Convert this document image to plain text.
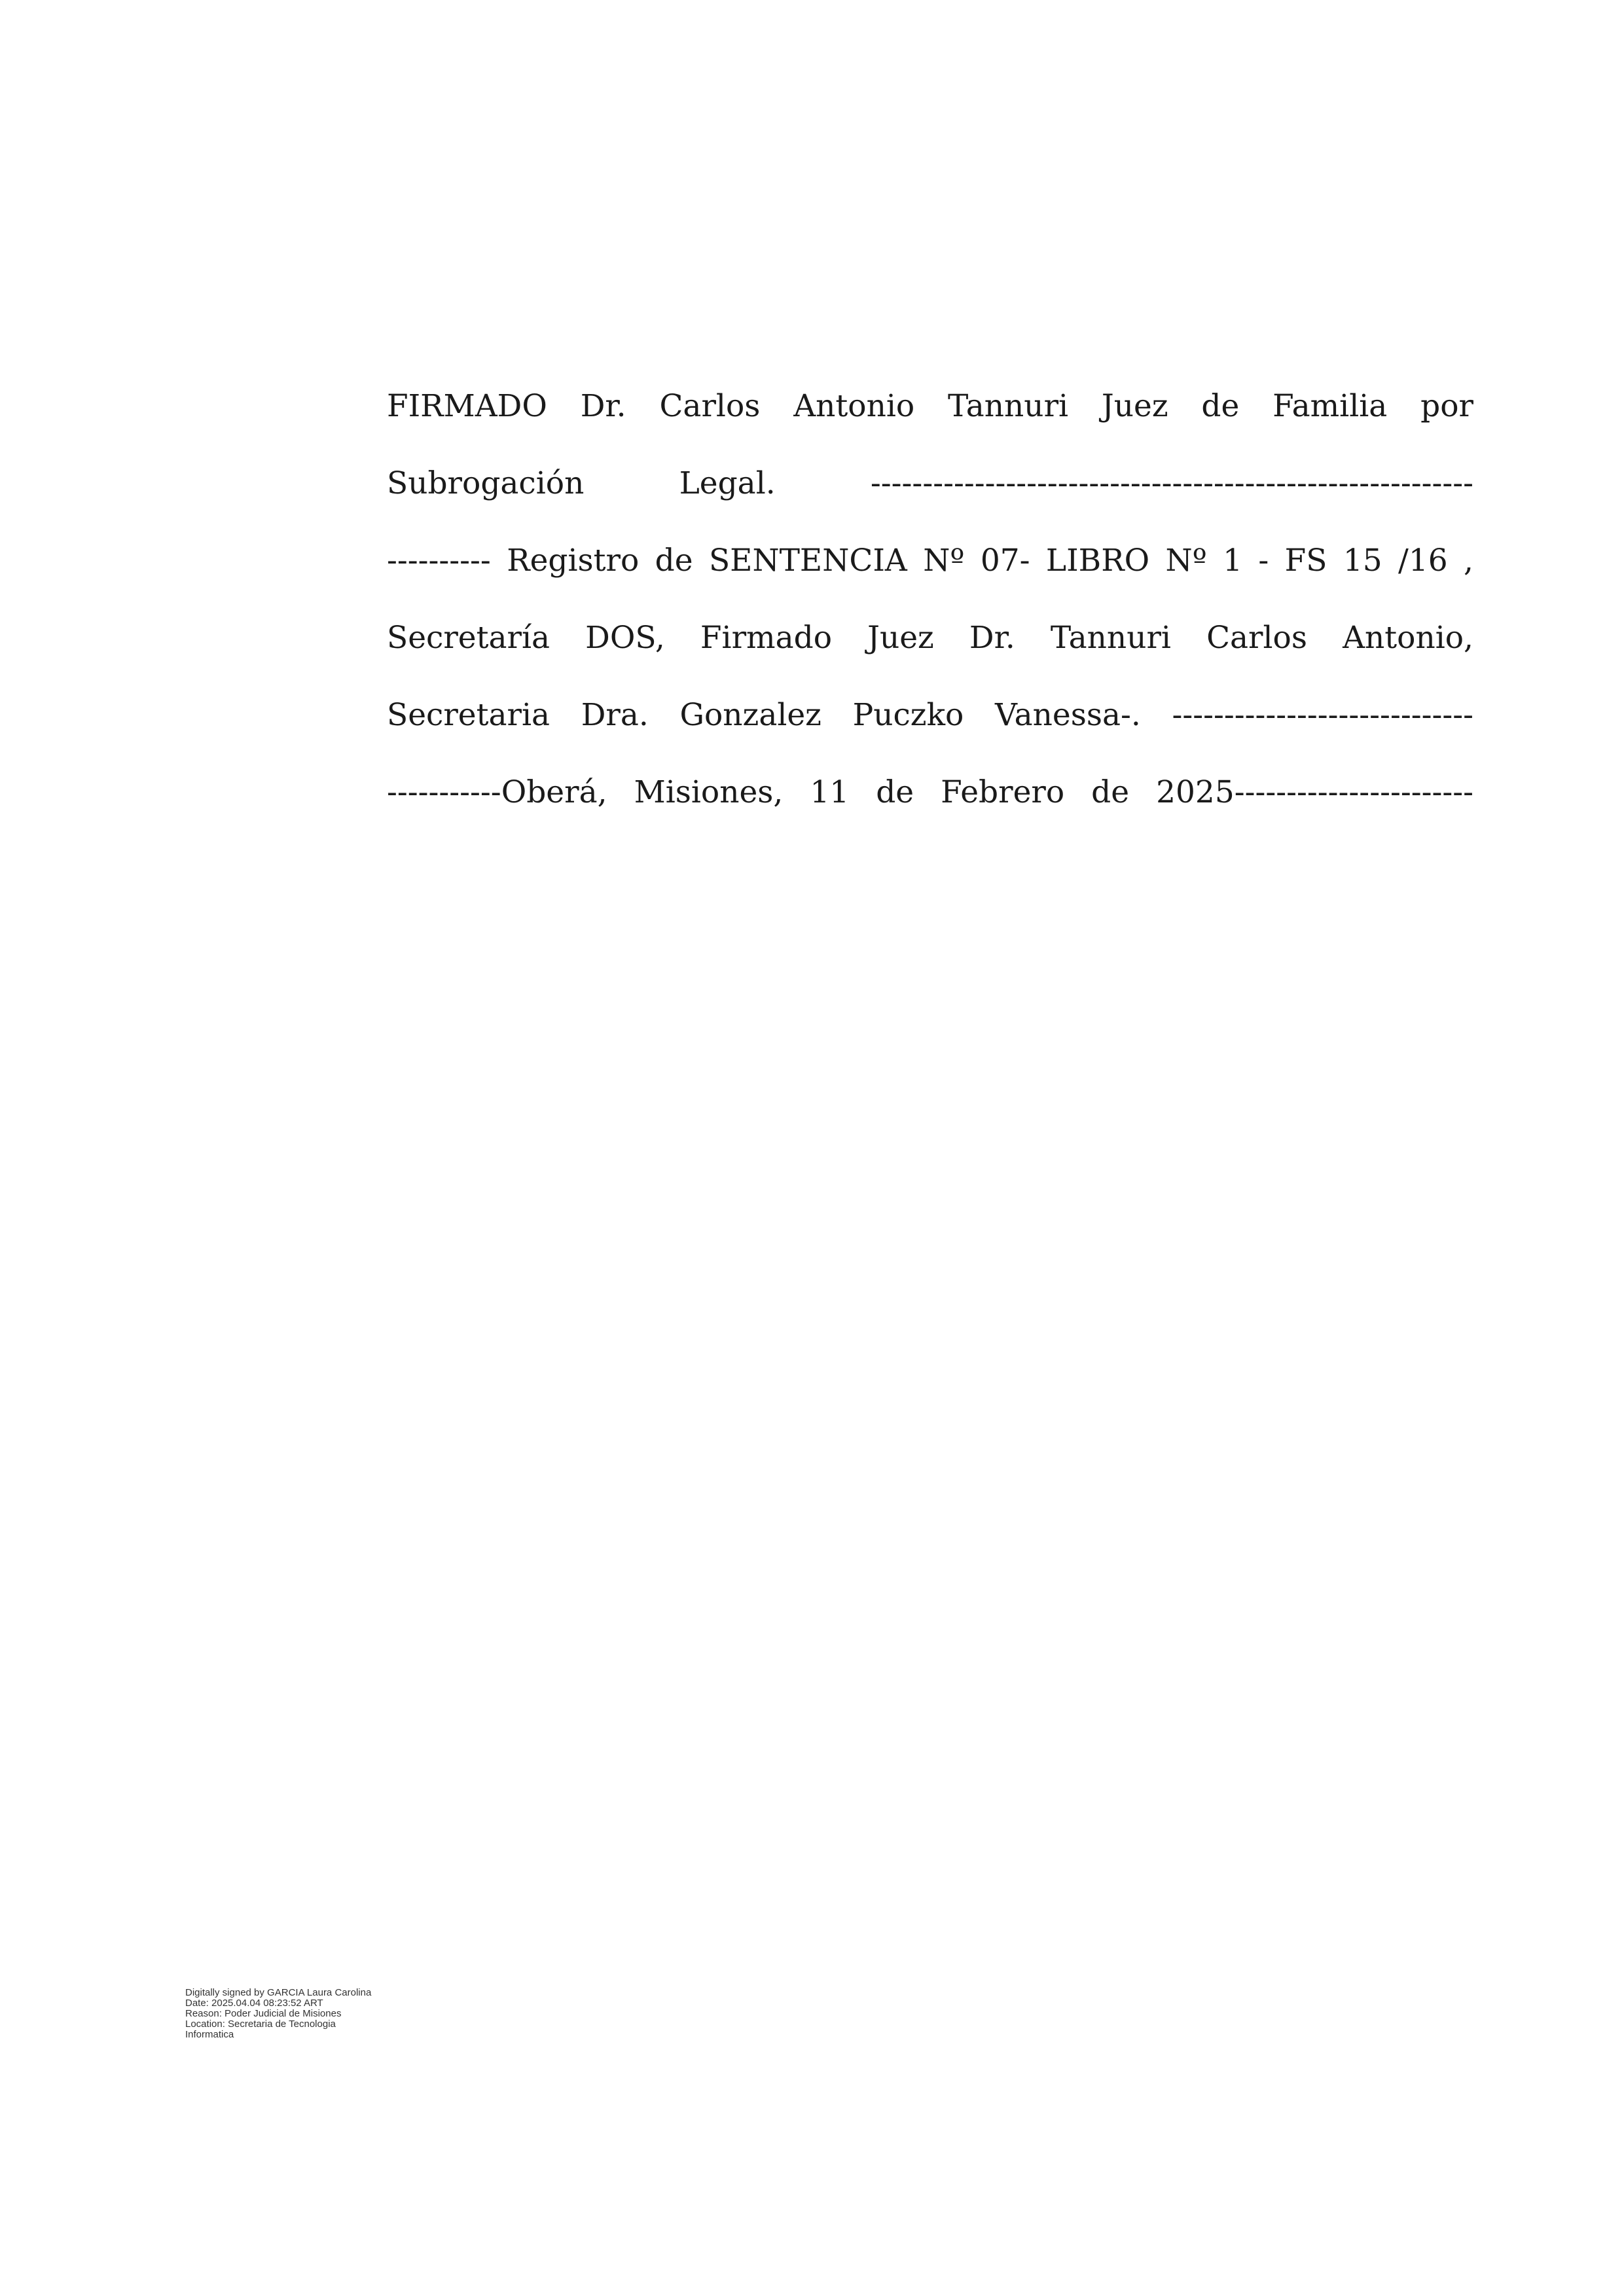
FIRMADO Dr. Carlos Antonio Tannuri Juez de Familia por
Subrogación Legal. ----------------------------------------------------------
---------- Registro de SENTENCIA Nº 07- LIBRO Nº 1 - FS 15 /16 ,
Secretaría DOS, Firmado Juez Dr. Tannuri Carlos Antonio,
Secretaria Dra. Gonzalez Puczko Vanessa-. -----------------------------
-----------Oberá, Misiones, 11 de Febrero de 2025-----------------------
Digitally signed by GARCIA Laura Carolina
Date: 2025.04.04 08:23:52 ART
Reason: Poder Judicial de Misiones
Location: Secretaria de Tecnologia
Informatica
